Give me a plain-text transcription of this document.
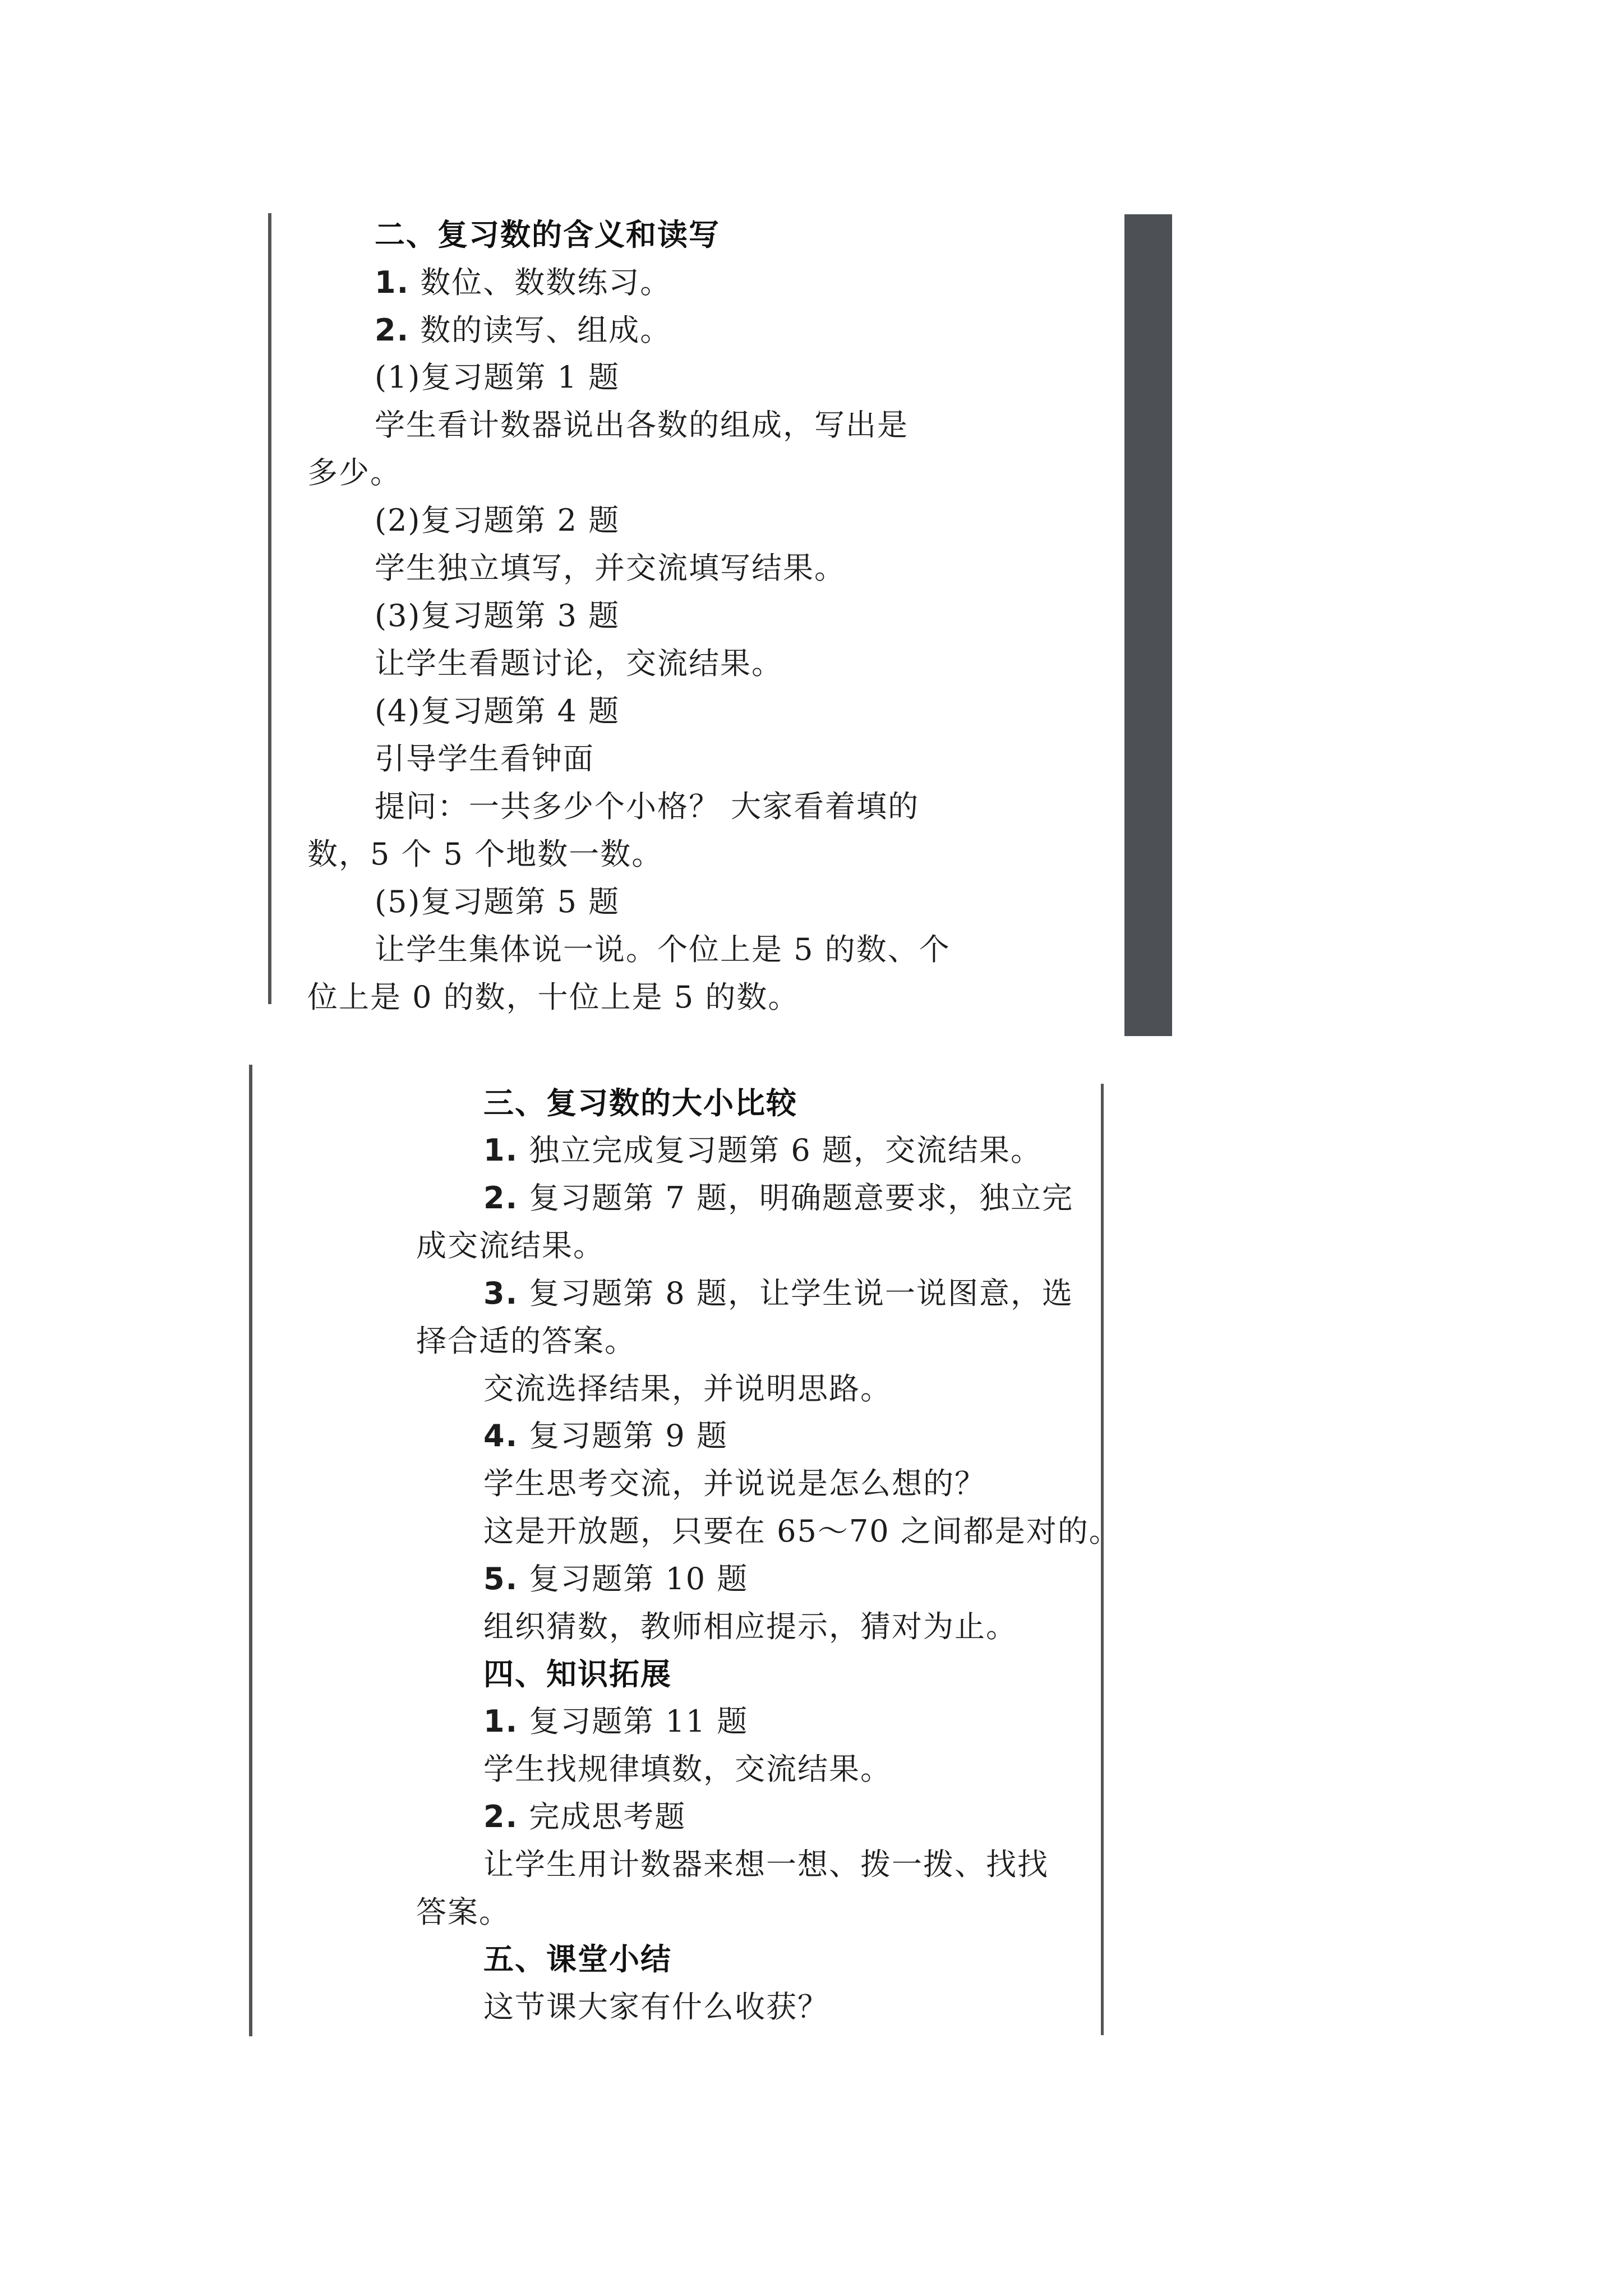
二、复习数的含义和读写
1. 数位、数数练习。
2. 数的读写、组成。
(1)复习题第 1 题
学生看计数器说出各数的组成，写出是
多少。
(2)复习题第 2 题
学生独立填写，并交流填写结果。
(3)复习题第 3 题
让学生看题讨论，交流结果。
(4)复习题第 4 题
引导学生看钟面
提问：一共多少个小格？ 大家看着填的
数，5 个 5 个地数一数。
(5)复习题第 5 题
让学生集体说一说。个位上是 5 的数、个
位上是 0 的数，十位上是 5 的数。
三、复习数的大小比较
1. 独立完成复习题第 6 题，交流结果。
2. 复习题第 7 题，明确题意要求，独立完
成交流结果。
3. 复习题第 8 题，让学生说一说图意，选
择合适的答案。
交流选择结果，并说明思路。
4. 复习题第 9 题
学生思考交流，并说说是怎么想的？
这是开放题，只要在 65～70 之间都是对的。
5. 复习题第 10 题
组织猜数，教师相应提示，猜对为止。
四、知识拓展
1. 复习题第 11 题
学生找规律填数，交流结果。
2. 完成思考题
让学生用计数器来想一想、拨一拨、找找
答案。
五、课堂小结
这节课大家有什么收获？
